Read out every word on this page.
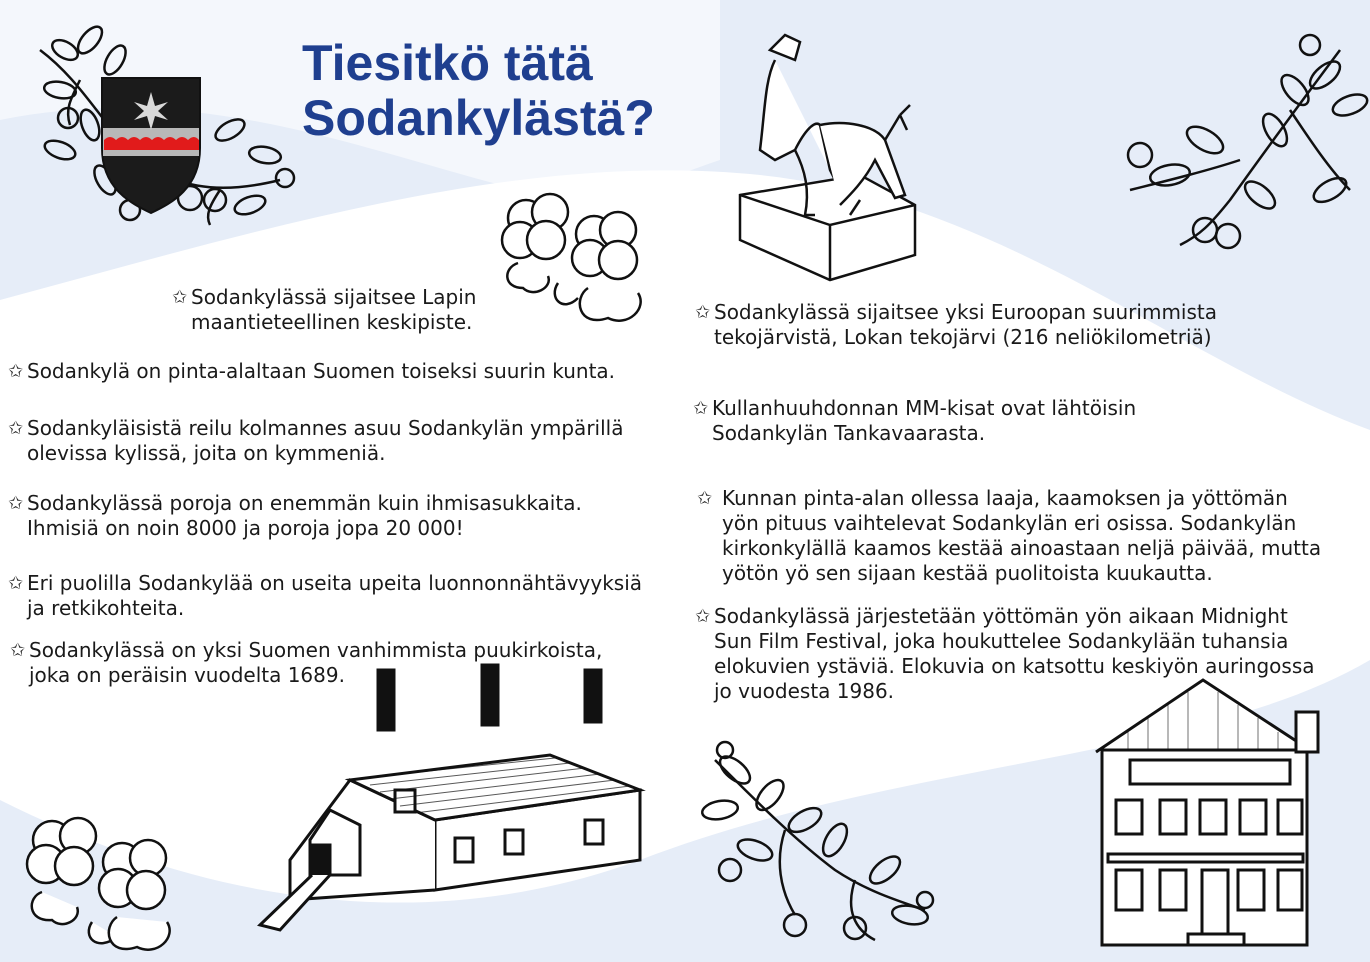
Tiesitkö tätä
Sodankylästä?
✩ Sodankylässä sijaitsee Lapin
maantieteellinen keskipiste.
✩ Sodankylä on pinta-alaltaan Suomen toiseksi suurin kunta.
✩ Sodankyläisistä reilu kolmannes asuu Sodankylän ympärillä
olevissa kylissä, joita on kymmeniä.
✩ Sodankylässä poroja on enemmän kuin ihmisasukkaita.
Ihmisiä on noin 8000 ja poroja jopa 20 000!
✩ Eri puolilla Sodankylää on useita upeita luonnonnähtävyyksiä
ja retkikohteita.
✩ Sodankylässä on yksi Suomen vanhimmista puukirkoista,
joka on peräisin vuodelta 1689.
✩ Sodankylässä sijaitsee yksi Euroopan suurimmista
tekojärvistä, Lokan tekojärvi (216 neliökilometriä)
✩ Kullanhuuhdonnan MM-kisat ovat lähtöisin
Sodankylän Tankavaarasta.
✩ Kunnan pinta-alan ollessa laaja, kaamoksen ja yöttömän
yön pituus vaihtelevat Sodankylän eri osissa. Sodankylän
kirkonkylällä kaamos kestää ainoastaan neljä päivää, mutta
yötön yö sen sijaan kestää puolitoista kuukautta.
✩ Sodankylässä järjestetään yöttömän yön aikaan Midnight
Sun Film Festival, joka houkuttelee Sodankylään tuhansia
elokuvien ystäviä. Elokuvia on katsottu keskiyön auringossa
jo vuodesta 1986.
